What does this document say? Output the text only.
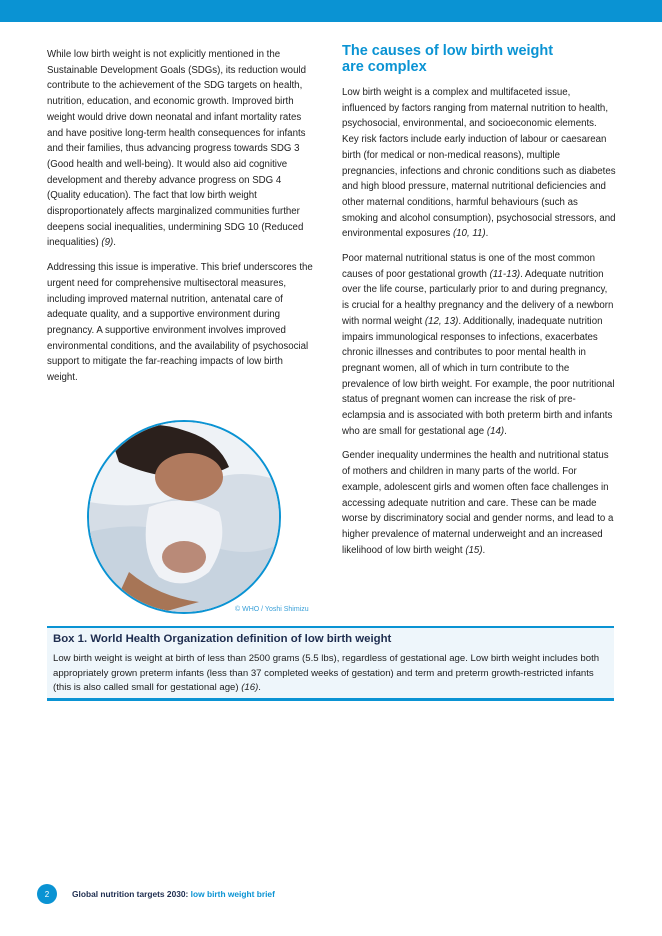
While low birth weight is not explicitly mentioned in the Sustainable Development Goals (SDGs), its reduction would contribute to the achievement of the SDG targets on health, nutrition, education, and economic growth. Improved birth weight would drive down neonatal and infant mortality rates and have positive long-term health consequences for infants and their families, thus advancing progress towards SDG 3 (Good health and well-being). It would also aid cognitive development and thereby advance progress on SDG 4 (Quality education). The fact that low birth weight disproportionately affects marginalized communities further deepens social inequalities, undermining SDG 10 (Reduced inequalities) (9).

Addressing this issue is imperative. This brief underscores the urgent need for comprehensive multisectoral measures, including improved maternal nutrition, antenatal care of adequate quality, and a supportive environment during pregnancy. A supportive environment involves improved environmental conditions, and the availability of psychosocial support to mitigate the far-reaching impacts of low birth weight.

© WHO / Yoshi Shimizu
The causes of low birth weight are complex

Low birth weight is a complex and multifaceted issue, influenced by factors ranging from maternal nutrition to health, psychosocial, environmental, and socioeconomic elements. Key risk factors include early induction of labour or caesarean birth (for medical or non-medical reasons), multiple pregnancies, infections and chronic conditions such as diabetes and high blood pressure, maternal nutritional deficiencies and other maternal conditions, harmful behaviours (such as smoking and alcohol consumption), psychosocial stressors, and environmental exposures (10, 11).

Poor maternal nutritional status is one of the most common causes of poor gestational growth (11-13). Adequate nutrition over the life course, particularly prior to and during pregnancy, is crucial for a healthy pregnancy and the delivery of a newborn with normal weight (12, 13). Additionally, inadequate nutrition impairs immunological responses to infections, exacerbates chronic illnesses and contributes to poor mental health in pregnant women, all of which in turn contribute to the prevalence of low birth weight. For example, the poor nutritional status of pregnant women can increase the risk of pre-eclampsia and is associated with both preterm birth and infants who are small for gestational age (14).

Gender inequality undermines the health and nutritional status of mothers and children in many parts of the world. For example, adolescent girls and women often face challenges in accessing adequate nutrition and care. These can be made worse by discriminatory social and gender norms, and lead to a higher prevalence of maternal underweight and an increased likelihood of low birth weight (15).

Box 1. World Health Organization definition of low birth weight

Low birth weight is weight at birth of less than 2500 grams (5.5 lbs), regardless of gestational age. Low birth weight includes both appropriately grown preterm infants (less than 37 completed weeks of gestation) and term and preterm growth-restricted infants (this is also called small for gestational age) (16).

2	Global nutrition targets 2030: low birth weight brief
